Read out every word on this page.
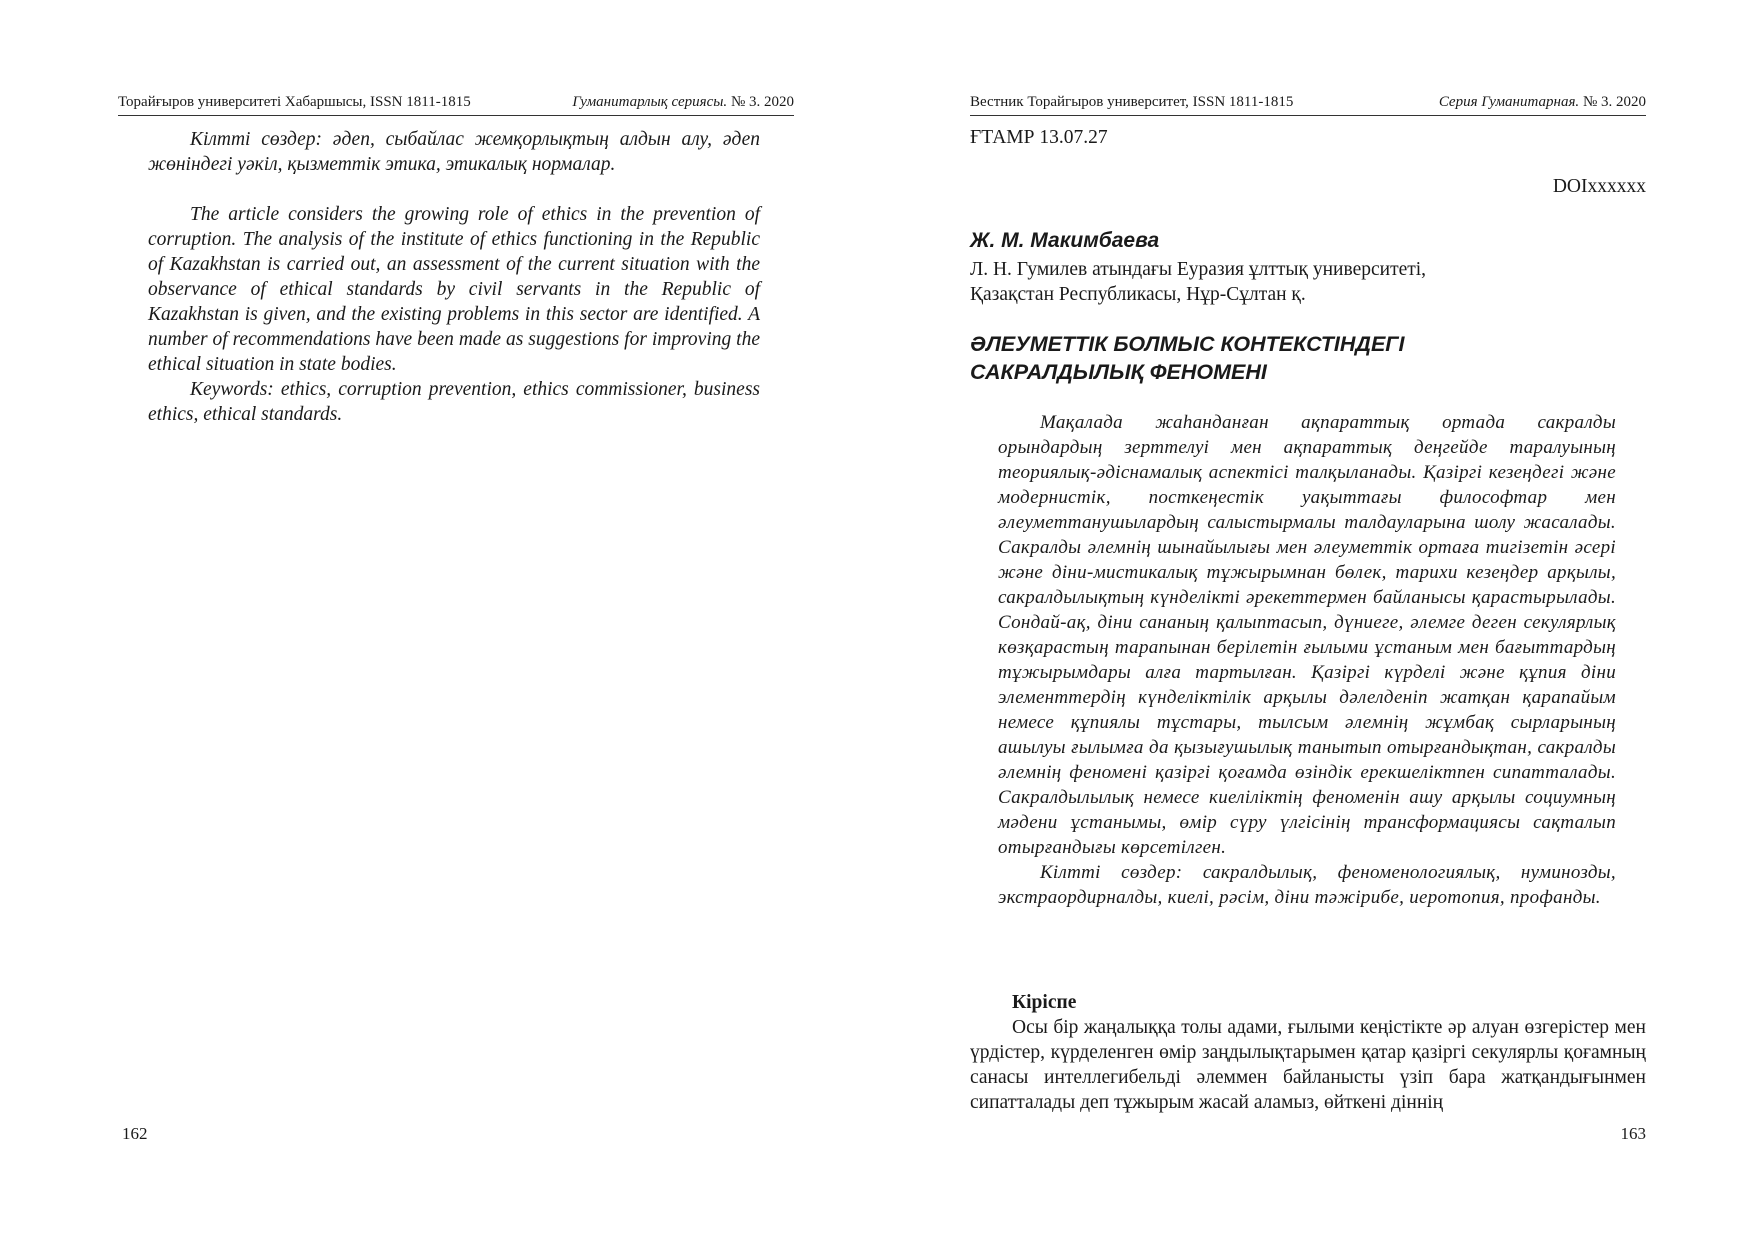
Торайғыров университеті Хабаршысы, ISSN 1811-1815	Гуманитарлық сериясы. № 3. 2020

Кілтті сөздер: әдеп, сыбайлас жемқорлықтың алдын алу, әдеп жөніндегі уәкіл, қызметтік этика, этикалық нормалар.

The article considers the growing role of ethics in the prevention of corruption. The analysis of the institute of ethics functioning in the Republic of Kazakhstan is carried out, an assessment of the current situation with the observance of ethical standards by civil servants in the Republic of Kazakhstan is given, and the existing problems in this sector are identified. A number of recommendations have been made as suggestions for improving the ethical situation in state bodies.

Keywords: ethics, corruption prevention, ethics commissioner, business ethics, ethical standards.

162
Вестник Торайгыров университет, ISSN 1811-1815	Серия Гуманитарная. № 3. 2020
ҒТАМР 13.07.27
DOIxxxxxx
Ж. М. Макимбаева
Л. Н. Гумилев атындағы Еуразия ұлттық университеті,
Қазақстан Республикасы, Нұр-Сұлтан қ.
ӘЛЕУМЕТТІК БОЛМЫС КОНТЕКСТІНДЕГІ
САКРАЛДЫЛЫҚ ФЕНОМЕНІ

Мақалада жаһанданған ақпараттық ортада сакралды орындардың зерттелуі мен ақпараттық деңгейде таралуының теориялық-әдіснамалық аспектісі талқыланады. Қазіргі кезеңдегі және модернистік, посткеңестік уақыттағы философтар мен әлеуметтанушылардың салыстырмалы талдауларына шолу жасалады. Сакралды әлемнің шынайылығы мен әлеуметтік ортаға тигізетін әсері және діни-мистикалық тұжырымнан бөлек, тарихи кезеңдер арқылы, сакралдылықтың күнделікті әрекеттермен байланысы қарастырылады. Сондай-ақ, діни сананың қалыптасып, дүниеге, әлемге деген секулярлық көзқарастың тарапынан берілетін ғылыми ұстаным мен бағыттардың тұжырымдары алға тартылған. Қазіргі күрделі және құпия діни элементтердің күнделіктілік арқылы дәлелденіп жатқан қарапайым немесе құпиялы тұстары, тылсым әлемнің жұмбақ сырларының ашылуы ғылымға да қызығушылық танытып отырғандықтан, сакралды әлемнің феномені қазіргі қоғамда өзіндік ерекшеліктпен сипатталады. Сакралдылылық немесе киеліліктің феноменін ашу арқылы социумның мәдени ұстанымы, өмір сүру үлгісінің трансформациясы сақталып отырғандығы көрсетілген.

Кілтті сөздер: сакралдылық, феноменологиялық, нуминозды, экстраордирналды, киелі, рәсім, діни тәжірибе, иеротопия, профанды.

Кіріспе

Осы бір жаңалыққа толы адами, ғылыми кеңістікте әр алуан өзгерістер мен үрдістер, күрделенген өмір заңдылықтарымен қатар қазіргі секулярлы қоғамның санасы интеллегибельді әлеммен байланысты үзіп бара жатқандығынмен сипатталады деп тұжырым жасай аламыз, өйткені діннің

163
